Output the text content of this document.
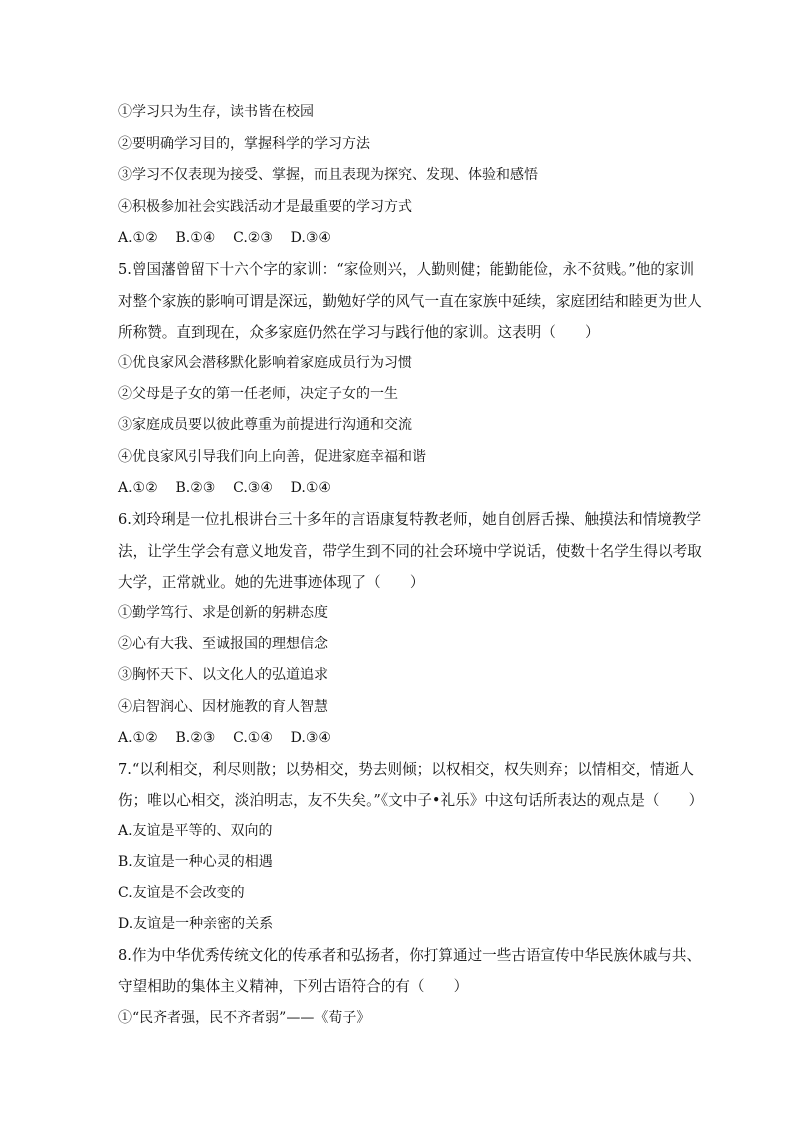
①学习只为生存，读书皆在校园
②要明确学习目的，掌握科学的学习方法
③学习不仅表现为接受、掌握，而且表现为探究、发现、体验和感悟
④积极参加社会实践活动才是最重要的学习方式
A.①②    B.①④    C.②③    D.③④
5.曾国藩曾留下十六个字的家训：“家俭则兴，人勤则健；能勤能俭，永不贫贱。”他的家训
对整个家族的影响可谓是深远，勤勉好学的风气一直在家族中延续，家庭团结和睦更为世人
所称赞。直到现在，众多家庭仍然在学习与践行他的家训。这表明（　　）
①优良家风会潜移默化影响着家庭成员行为习惯
②父母是子女的第一任老师，决定子女的一生
③家庭成员要以彼此尊重为前提进行沟通和交流
④优良家风引导我们向上向善，促进家庭幸福和谐
A.①②    B.②③    C.③④    D.①④
6.刘玲琍是一位扎根讲台三十多年的言语康复特教老师，她自创唇舌操、触摸法和情境教学
法，让学生学会有意义地发音，带学生到不同的社会环境中学说话，使数十名学生得以考取
大学，正常就业。她的先进事迹体现了（　　）
①勤学笃行、求是创新的躬耕态度
②心有大我、至诚报国的理想信念
③胸怀天下、以文化人的弘道追求
④启智润心、因材施教的育人智慧
A.①②    B.②③    C.①④    D.③④
7.“以利相交，利尽则散；以势相交，势去则倾；以权相交，权失则弃；以情相交，情逝人
伤；唯以心相交，淡泊明志，友不失矣。”《文中子•礼乐》中这句话所表达的观点是（　　）
A.友谊是平等的、双向的
B.友谊是一种心灵的相遇
C.友谊是不会改变的
D.友谊是一种亲密的关系
8.作为中华优秀传统文化的传承者和弘扬者，你打算通过一些古语宣传中华民族休戚与共、
守望相助的集体主义精神，下列古语符合的有（　　）
①“民齐者强，民不齐者弱”——《荀子》
